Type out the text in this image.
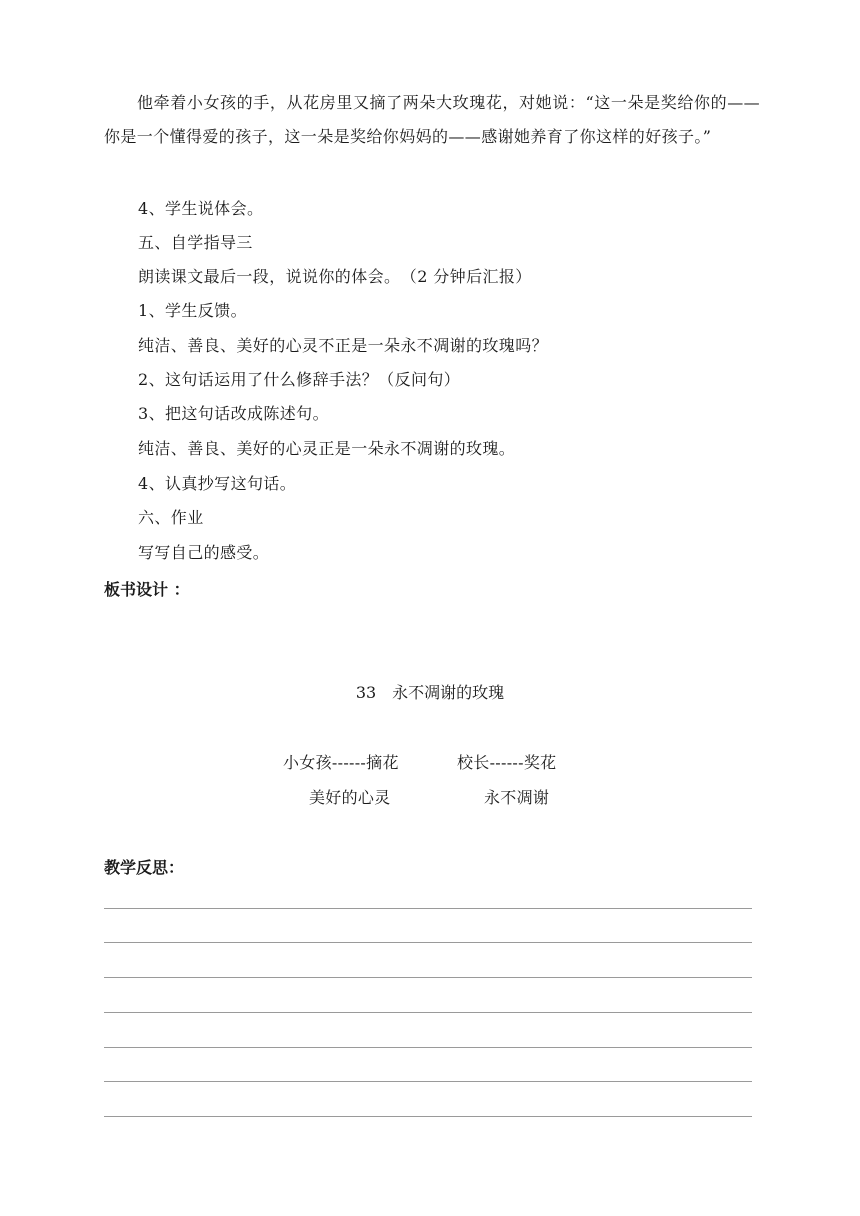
他牵着小女孩的手，从花房里又摘了两朵大玫瑰花，对她说：“这一朵是奖给你的——你是一个懂得爱的孩子，这一朵是奖给你妈妈的——感谢她养育了你这样的好孩子。”

4、学生说体会。

五、自学指导三

朗读课文最后一段，说说你的体会。　（2 分钟后汇报）

1、学生反馈。

纯洁、善良、美好的心灵不正是一朵永不凋谢的玫瑰吗？

2、这句话运用了什么修辞手法？（反问句）

3、把这句话改成陈述句。

纯洁、善良、美好的心灵正是一朵永不凋谢的玫瑰。

4、认真抄写这句话。

六、作业

写写自己的感受。

板书设计 ：

33　永不凋谢的玫瑰

小女孩------摘花	校长------奖花
美好的心灵	永不凋谢

教学反思：
